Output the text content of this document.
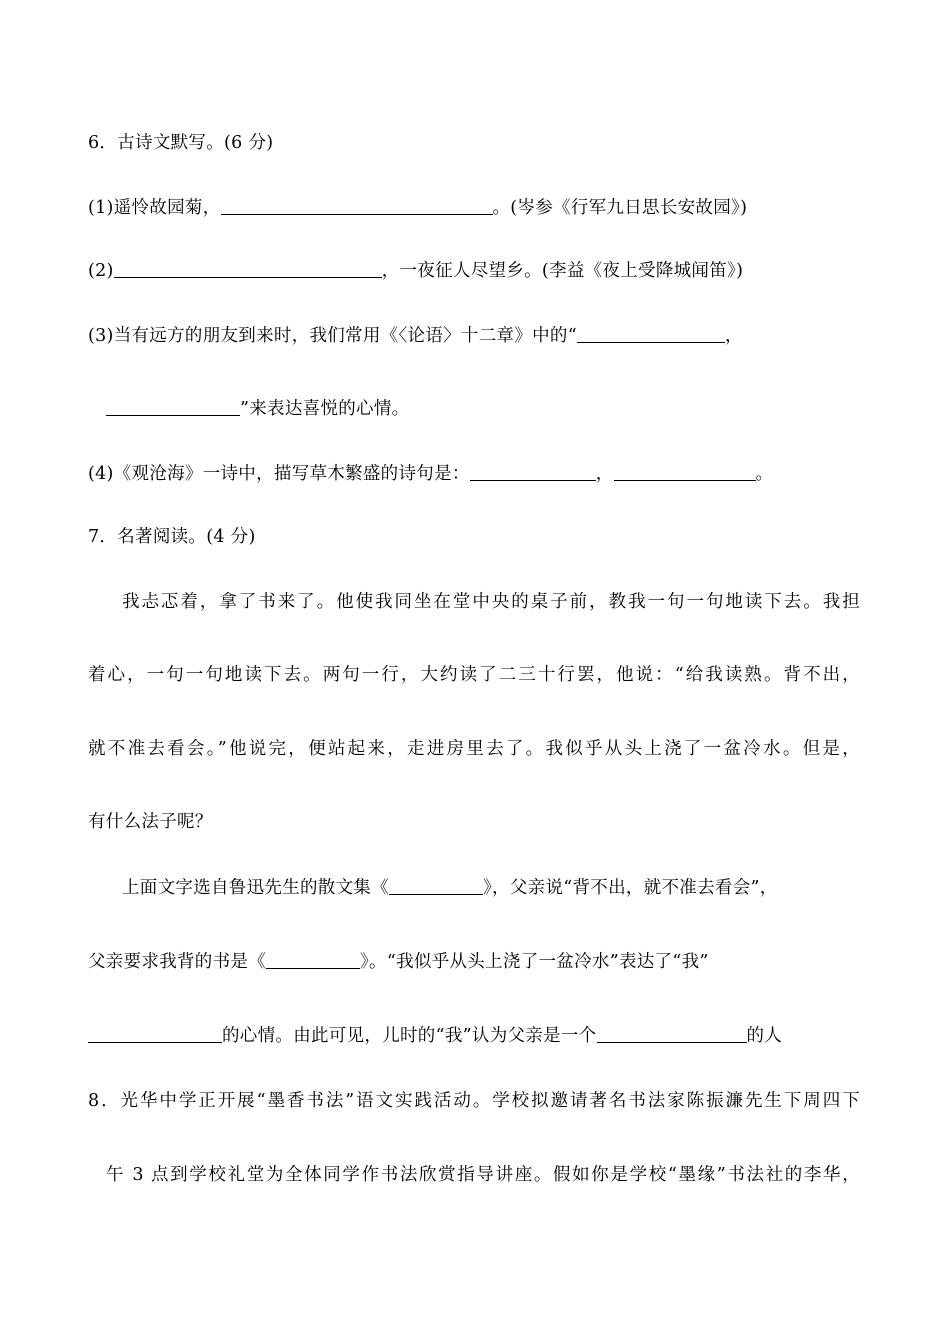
6．古诗文默写。(6 分)
(1)遥怜故园菊，	。(岑参《行军九日思长安故园》)
(2)	，一夜征人尽望乡。(李益《夜上受降城闻笛》)
(3)当有远方的朋友到来时，我们常用《〈论语〉十二章》中的“	，
”来表达喜悦的心情。
(4)《观沧海》一诗中，描写草木繁盛的诗句是：	，	。
7．名著阅读。(4 分)
我忐忑着，拿了书来了。他使我同坐在堂中央的桌子前，教我一句一句地读下去。我担
着心，一句一句地读下去。两句一行，大约读了二三十行罢，他说：“给我读熟。背不出，
就不准去看会。”他说完，便站起来，走进房里去了。我似乎从头上浇了一盆冷水。但是，
有什么法子呢？
上面文字选自鲁迅先生的散文集《	》，父亲说“背不出，就不准去看会”，
父亲要求我背的书是《	》。“我似乎从头上浇了一盆冷水”表达了“我”
的心情。由此可见，儿时的“我”认为父亲是一个	的人
8．光华中学正开展“墨香书法”语文实践活动。学校拟邀请著名书法家陈振濂先生下周四下
午 3 点到学校礼堂为全体同学作书法欣赏指导讲座。假如你是学校“墨缘”书法社的李华，
